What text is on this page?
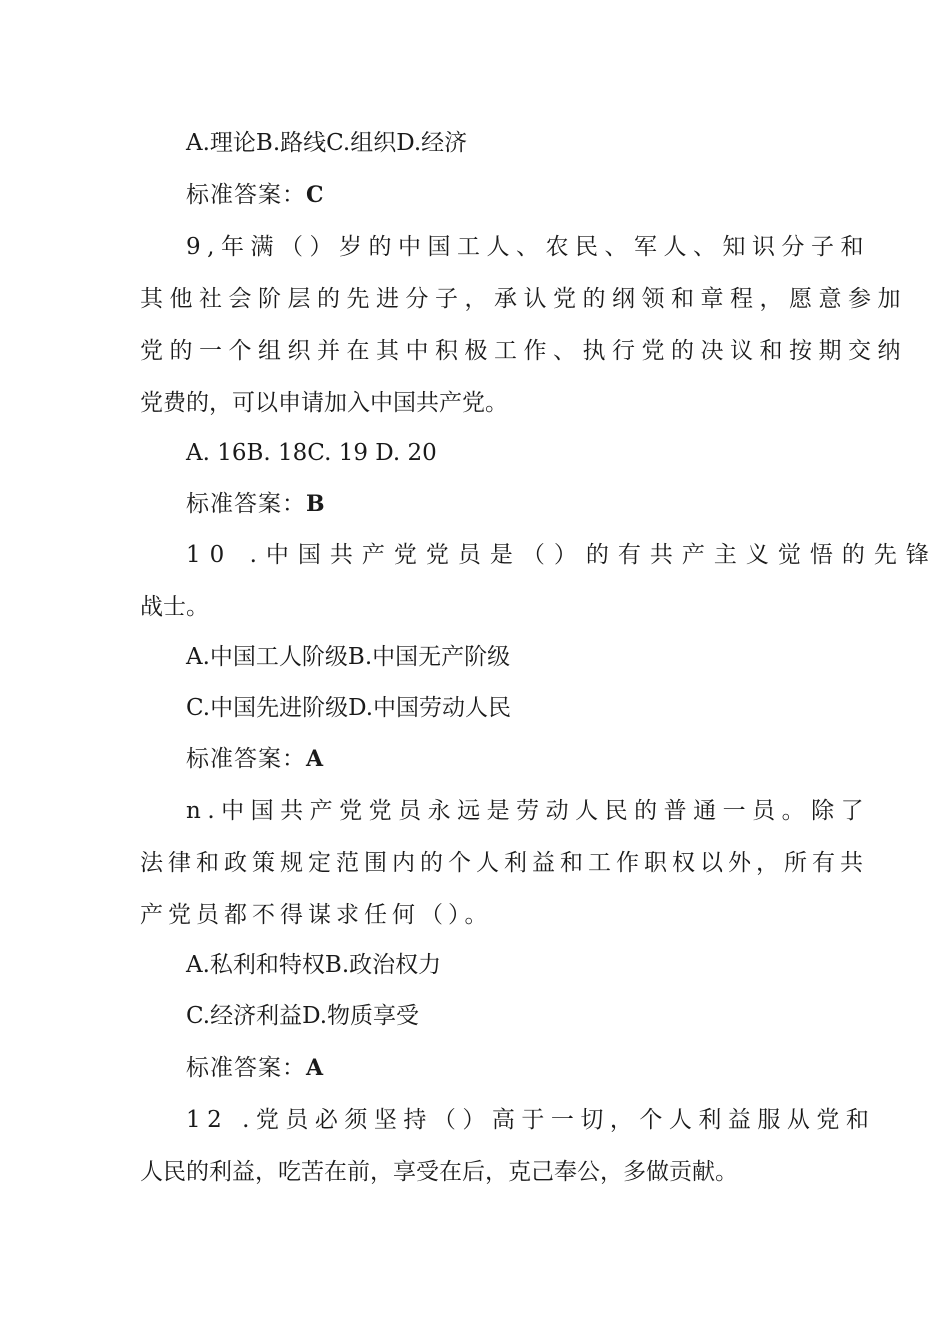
A.理论B.路线C.组织D.经济
标准答案：C
9,年满（）岁的中国工人、农民、军人、知识分子和
其他社会阶层的先进分子，承认党的纲领和章程，愿意参加
党的一个组织并在其中积极工作、执行党的决议和按期交纳
党费的，可以申请加入中国共产党。
A. 16B. 18C. 19 D. 20
标准答案：B
10 .中国共产党党员是（）的有共产主义觉悟的先锋
战士。
A.中国工人阶级B.中国无产阶级
C.中国先进阶级D.中国劳动人民
标准答案：A
n.中国共产党党员永远是劳动人民的普通一员。除了
法律和政策规定范围内的个人利益和工作职权以外，所有共
产党员都不得谋求任何（）。
A.私利和特权B.政治权力
C.经济利益D.物质享受
标准答案：A
12 .党员必须坚持（）高于一切，个人利益服从党和
人民的利益，吃苦在前，享受在后，克己奉公，多做贡献。
